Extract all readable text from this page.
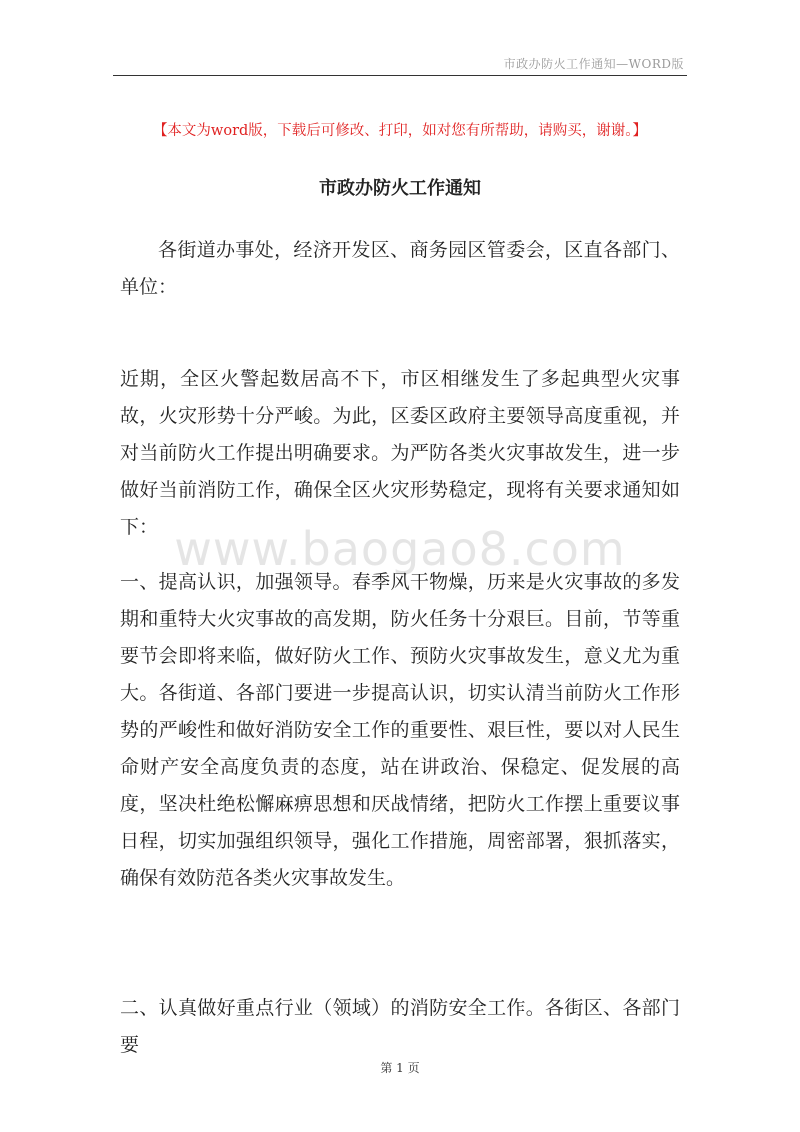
市政办防火工作通知—WORD版
【本文为word版，下载后可修改、打印，如对您有所帮助，请购买，谢谢。】
市政办防火工作通知
各街道办事处，经济开发区、商务园区管委会，区直各部门、单位：
近期，全区火警起数居高不下，市区相继发生了多起典型火灾事故，火灾形势十分严峻。为此，区委区政府主要领导高度重视，并对当前防火工作提出明确要求。为严防各类火灾事故发生，进一步做好当前消防工作，确保全区火灾形势稳定，现将有关要求通知如下： www.baogao8.com
一、提高认识，加强领导。春季风干物燥，历来是火灾事故的多发期和重特大火灾事故的高发期，防火任务十分艰巨。目前，节等重要节会即将来临，做好防火工作、预防火灾事故发生，意义尤为重大。各街道、各部门要进一步提高认识，切实认清当前防火工作形势的严峻性和做好消防安全工作的重要性、艰巨性，要以对人民生命财产安全高度负责的态度，站在讲政治、保稳定、促发展的高度，坚决杜绝松懈麻痹思想和厌战情绪，把防火工作摆上重要议事日程，切实加强组织领导，强化工作措施，周密部署，狠抓落实，确保有效防范各类火灾事故发生。
二、认真做好重点行业（领域）的消防安全工作。各街区、各部门要
第 1 页
